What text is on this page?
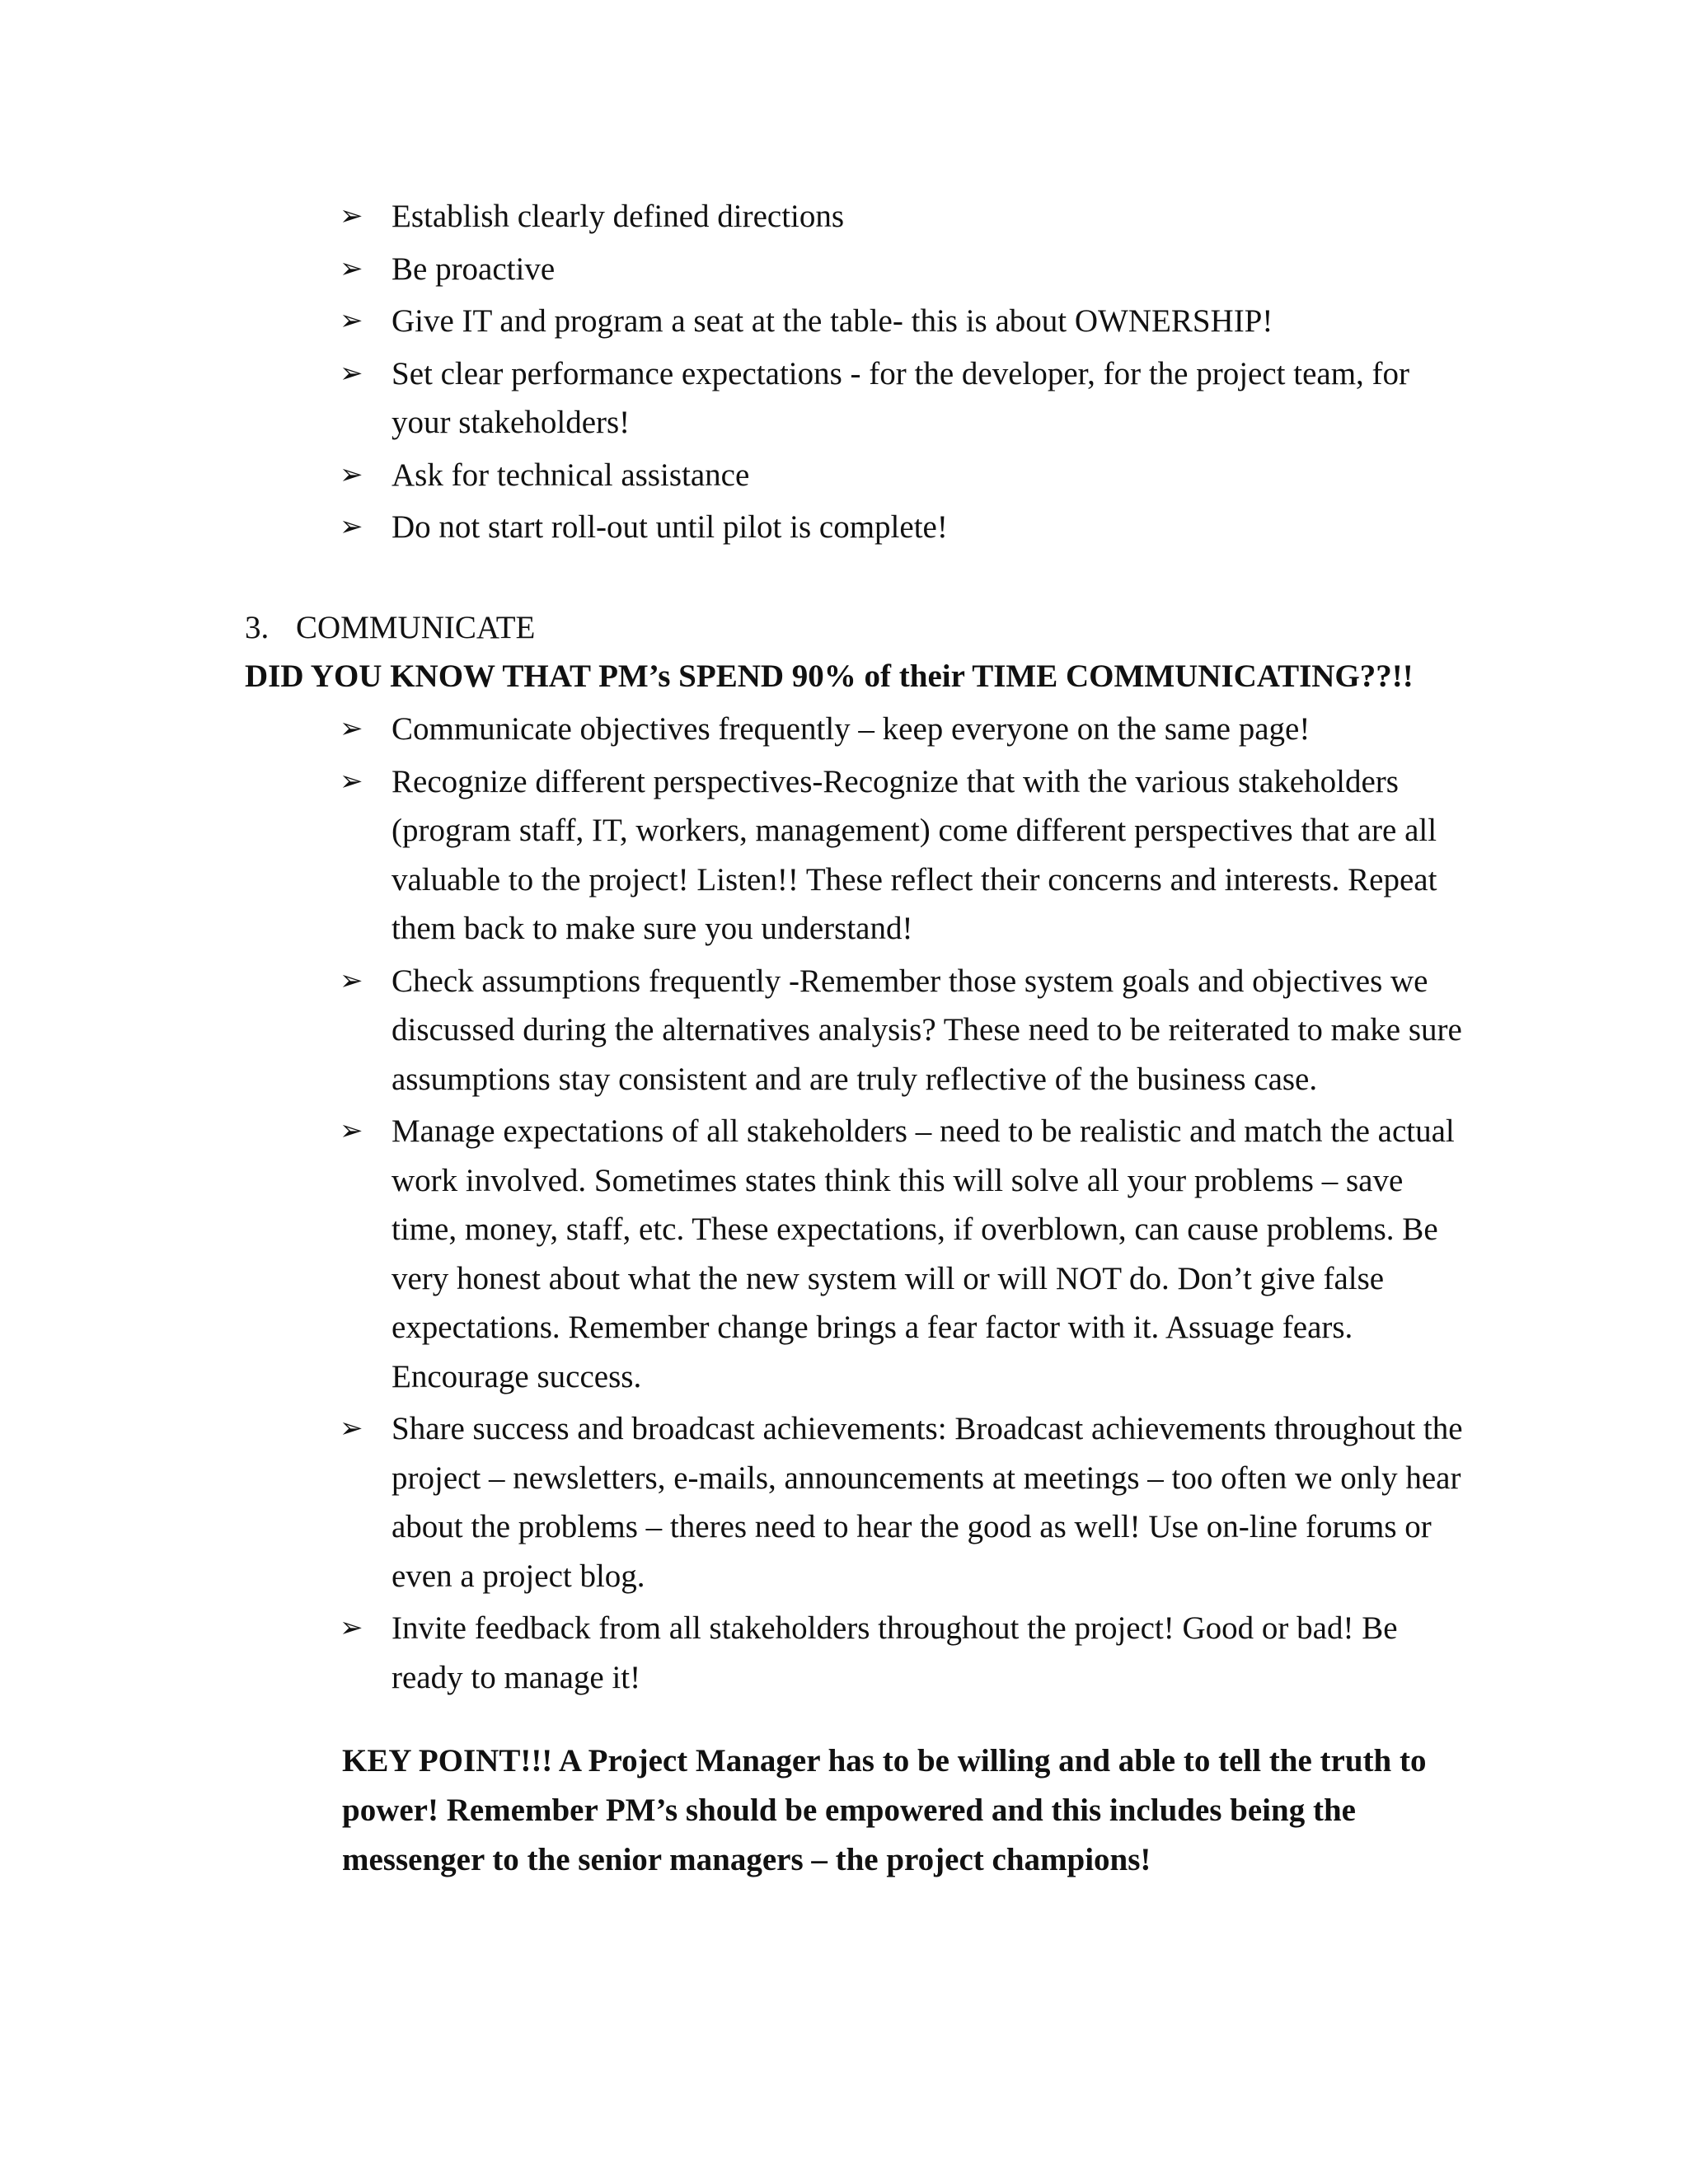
➢ Establish clearly defined directions
➢ Be proactive
➢ Give IT and program a seat at the table- this is about OWNERSHIP!
➢ Set clear performance expectations - for the developer, for the project team, for your stakeholders!
➢ Ask for technical assistance
➢ Do not start roll-out until pilot is complete!
3. COMMUNICATE
DID YOU KNOW THAT PM’s SPEND 90% of their TIME COMMUNICATING??!!
➢ Communicate objectives frequently – keep everyone on the same page!
➢ Recognize different perspectives-Recognize that with the various stakeholders (program staff, IT, workers, management) come different perspectives that are all valuable to the project! Listen!! These reflect their concerns and interests. Repeat them back to make sure you understand!
➢ Check assumptions frequently -Remember those system goals and objectives we discussed during the alternatives analysis? These need to be reiterated to make sure assumptions stay consistent and are truly reflective of the business case.
➢ Manage expectations of all stakeholders – need to be realistic and match the actual work involved. Sometimes states think this will solve all your problems – save time, money, staff, etc. These expectations, if overblown, can cause problems. Be very honest about what the new system will or will NOT do. Don’t give false expectations. Remember change brings a fear factor with it. Assuage fears. Encourage success.
➢ Share success and broadcast achievements: Broadcast achievements throughout the project – newsletters, e-mails, announcements at meetings – too often we only hear about the problems – theres need to hear the good as well! Use on-line forums or even a project blog.
➢ Invite feedback from all stakeholders throughout the project! Good or bad! Be ready to manage it!

KEY POINT!!! A Project Manager has to be willing and able to tell the truth to power! Remember PM’s should be empowered and this includes being the messenger to the senior managers – the project champions!
